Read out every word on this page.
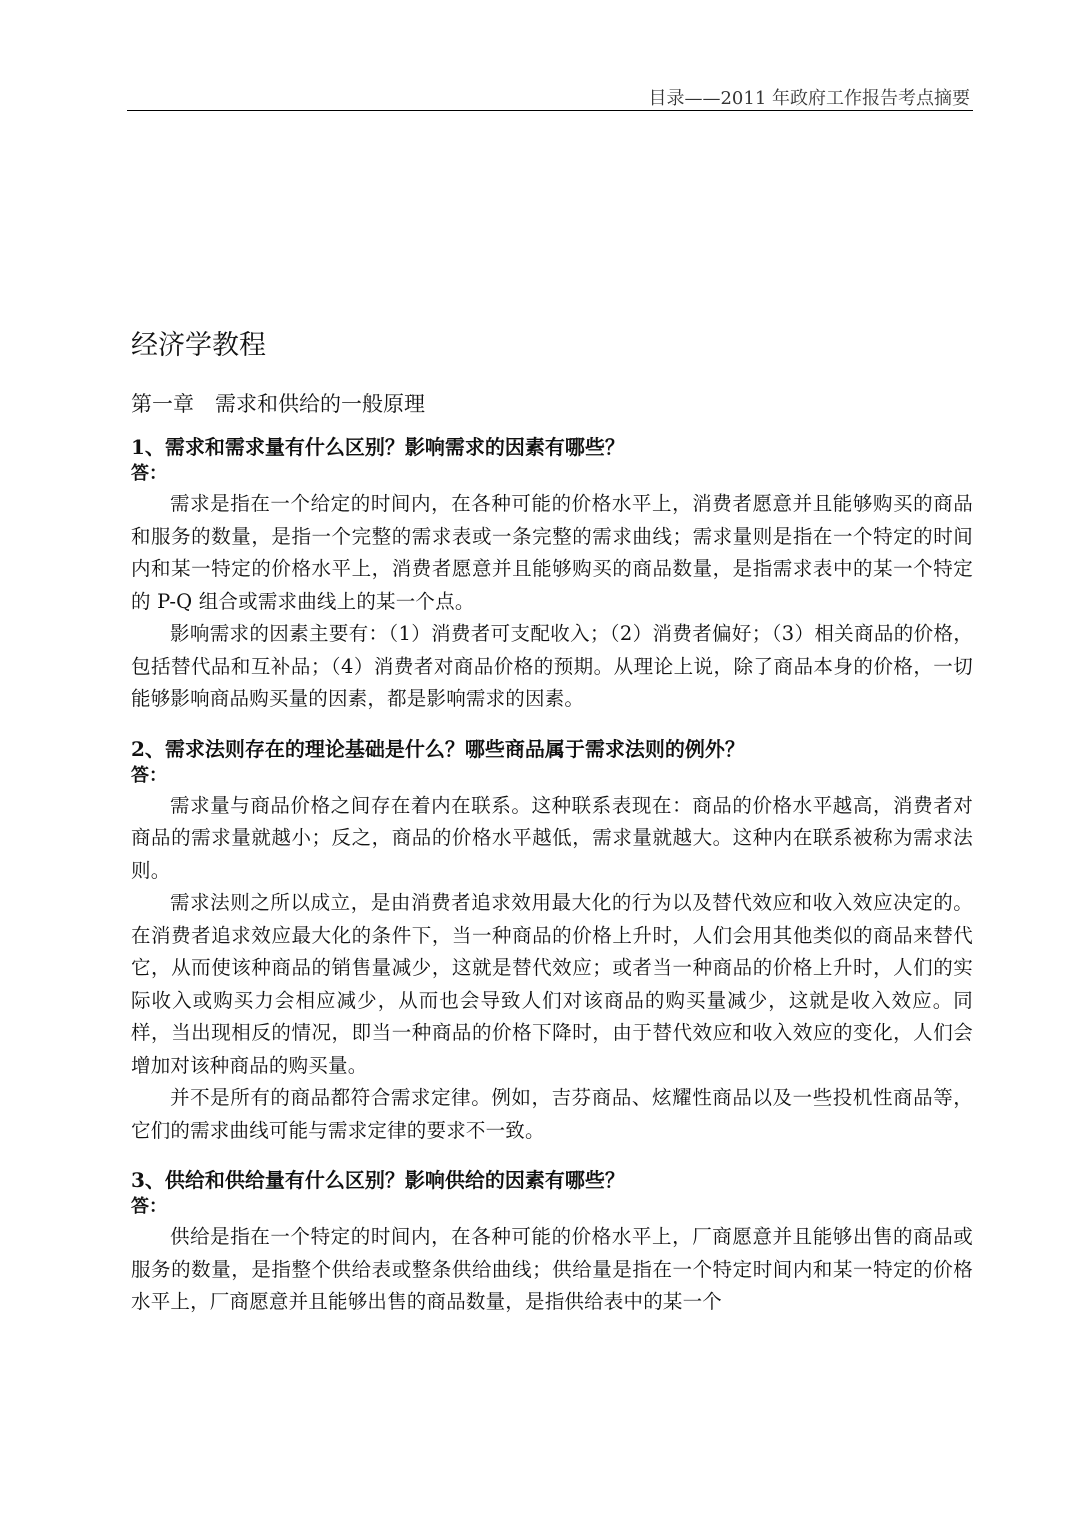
目录——2011 年政府工作报告考点摘要
经济学教程
第一章　需求和供给的一般原理

1、需求和需求量有什么区别？影响需求的因素有哪些？

答：

需求是指在一个给定的时间内，在各种可能的价格水平上，消费者愿意并且能够购买的商品和服务的数量，是指一个完整的需求表或一条完整的需求曲线；需求量则是指在一个特定的时间内和某一特定的价格水平上，消费者愿意并且能够购买的商品数量，是指需求表中的某一个特定的 P-Q 组合或需求曲线上的某一个点。

影响需求的因素主要有：（1）消费者可支配收入；（2）消费者偏好；（3）相关商品的价格，包括替代品和互补品；（4）消费者对商品价格的预期。从理论上说，除了商品本身的价格，一切能够影响商品购买量的因素，都是影响需求的因素。

2、需求法则存在的理论基础是什么？哪些商品属于需求法则的例外？

答：

需求量与商品价格之间存在着内在联系。这种联系表现在：商品的价格水平越高，消费者对商品的需求量就越小；反之，商品的价格水平越低，需求量就越大。这种内在联系被称为需求法则。

需求法则之所以成立，是由消费者追求效用最大化的行为以及替代效应和收入效应决定的。在消费者追求效应最大化的条件下，当一种商品的价格上升时，人们会用其他类似的商品来替代它，从而使该种商品的销售量减少，这就是替代效应；或者当一种商品的价格上升时，人们的实际收入或购买力会相应减少，从而也会导致人们对该商品的购买量减少，这就是收入效应。同样，当出现相反的情况，即当一种商品的价格下降时，由于替代效应和收入效应的变化，人们会增加对该种商品的购买量。

并不是所有的商品都符合需求定律。例如，吉芬商品、炫耀性商品以及一些投机性商品等，它们的需求曲线可能与需求定律的要求不一致。

3、供给和供给量有什么区别？影响供给的因素有哪些？

答：

供给是指在一个特定的时间内，在各种可能的价格水平上，厂商愿意并且能够出售的商品或服务的数量，是指整个供给表或整条供给曲线；供给量是指在一个特定时间内和某一特定的价格水平上，厂商愿意并且能够出售的商品数量，是指供给表中的某一个
